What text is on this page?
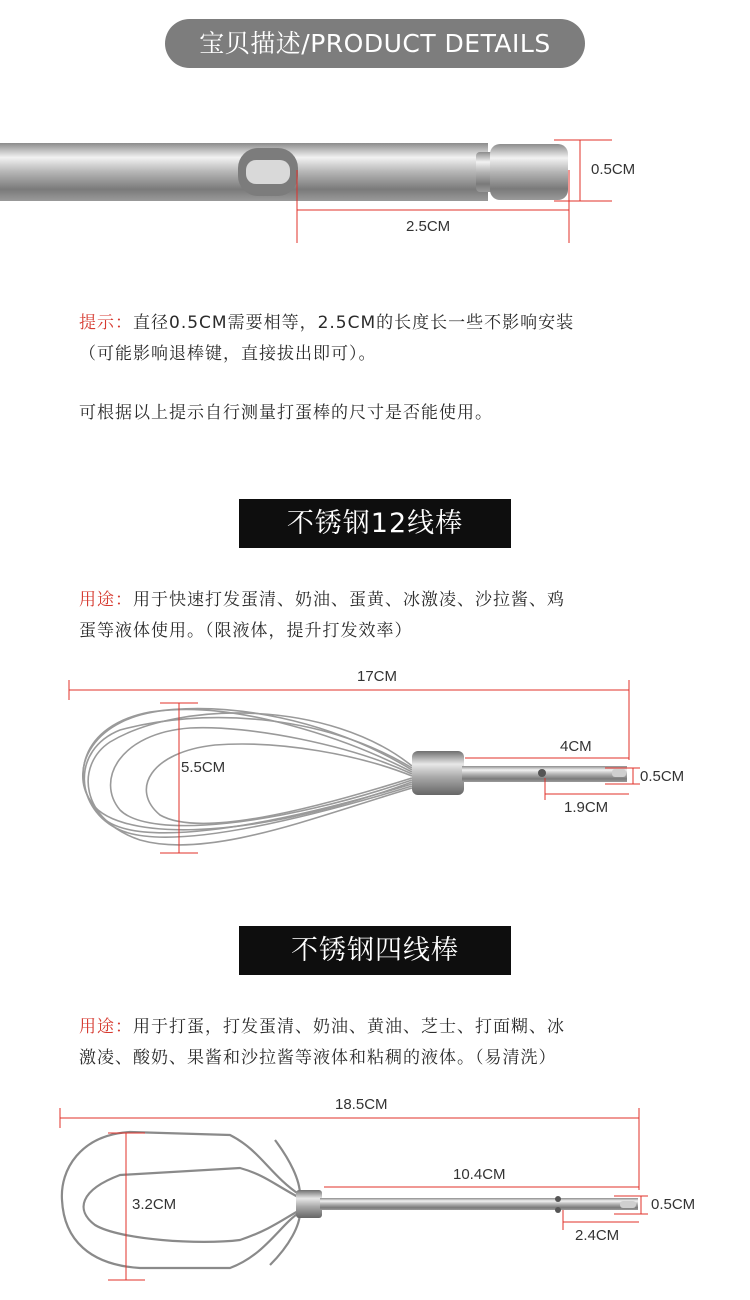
宝贝描述/PRODUCT DETAILS
0.5CM
2.5CM
提示：直径0.5CM需要相等，2.5CM的长度长一些不影响安装
（可能影响退棒键，直接拔出即可）。
可根据以上提示自行测量打蛋棒的尺寸是否能使用。
不锈钢12线棒
用途：用于快速打发蛋清、奶油、蛋黄、冰激凌、沙拉酱、鸡
蛋等液体使用。（限液体，提升打发效率）
17CM
5.5CM
4CM
0.5CM
1.9CM
不锈钢四线棒
用途：用于打蛋，打发蛋清、奶油、黄油、芝士、打面糊、冰
激凌、酸奶、果酱和沙拉酱等液体和粘稠的液体。（易清洗）
18.5CM
3.2CM
10.4CM
0.5CM
2.4CM
